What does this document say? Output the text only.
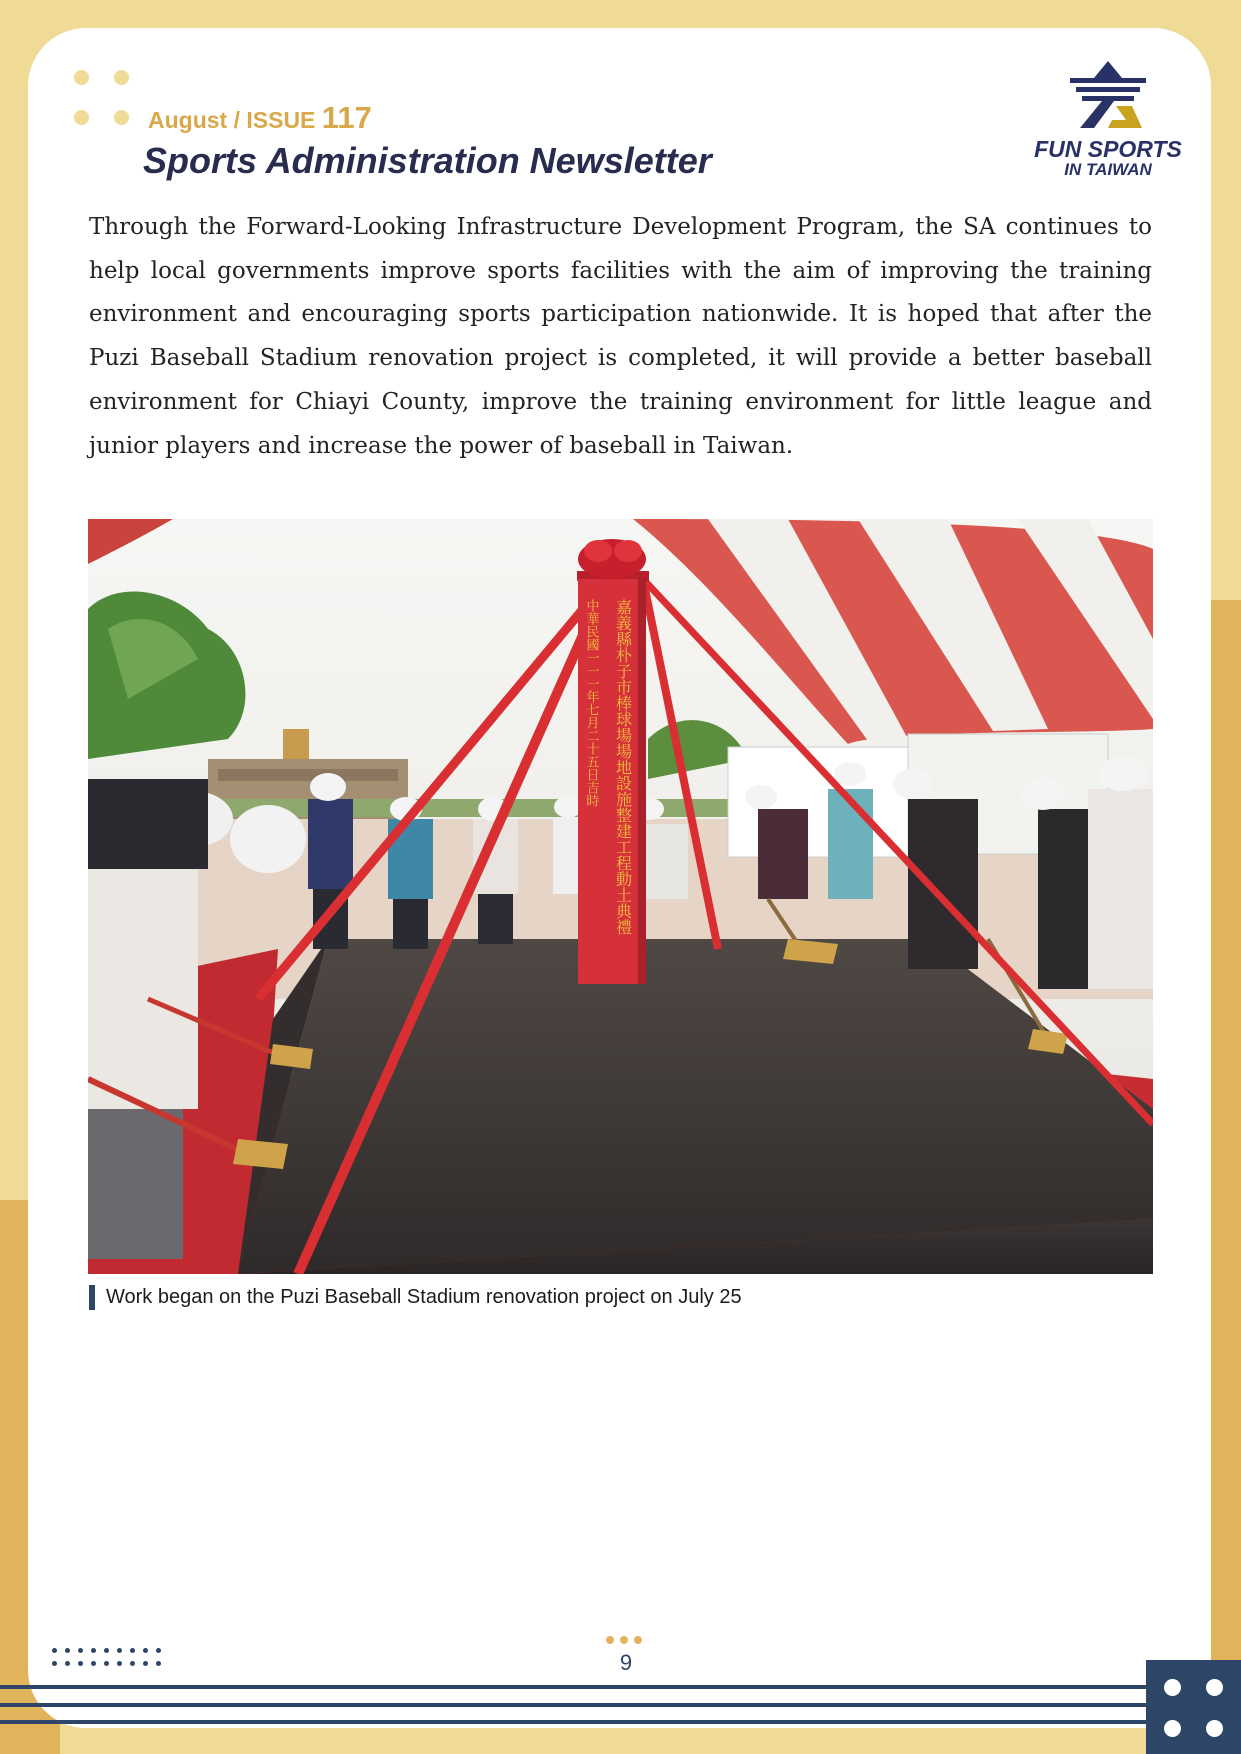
August / ISSUE 117
Sports Administration Newsletter	FUN SPORTS
IN TAIWAN

Through the Forward-Looking Infrastructure Development Program, the SA continues to help local governments improve sports facilities with the aim of improving the training environment and encouraging sports participation nationwide. It is hoped that after the Puzi Baseball Stadium renovation project is completed, it will provide a better baseball environment for Chiayi County, improve the training environment for little league and junior players and increase the power of baseball in Taiwan.

嘉義縣朴子市棒球場場地設施整建工程動土典禮
中華民國一一一年七月二十五日吉時
Work began on the Puzi Baseball Stadium renovation project on July 25
9
